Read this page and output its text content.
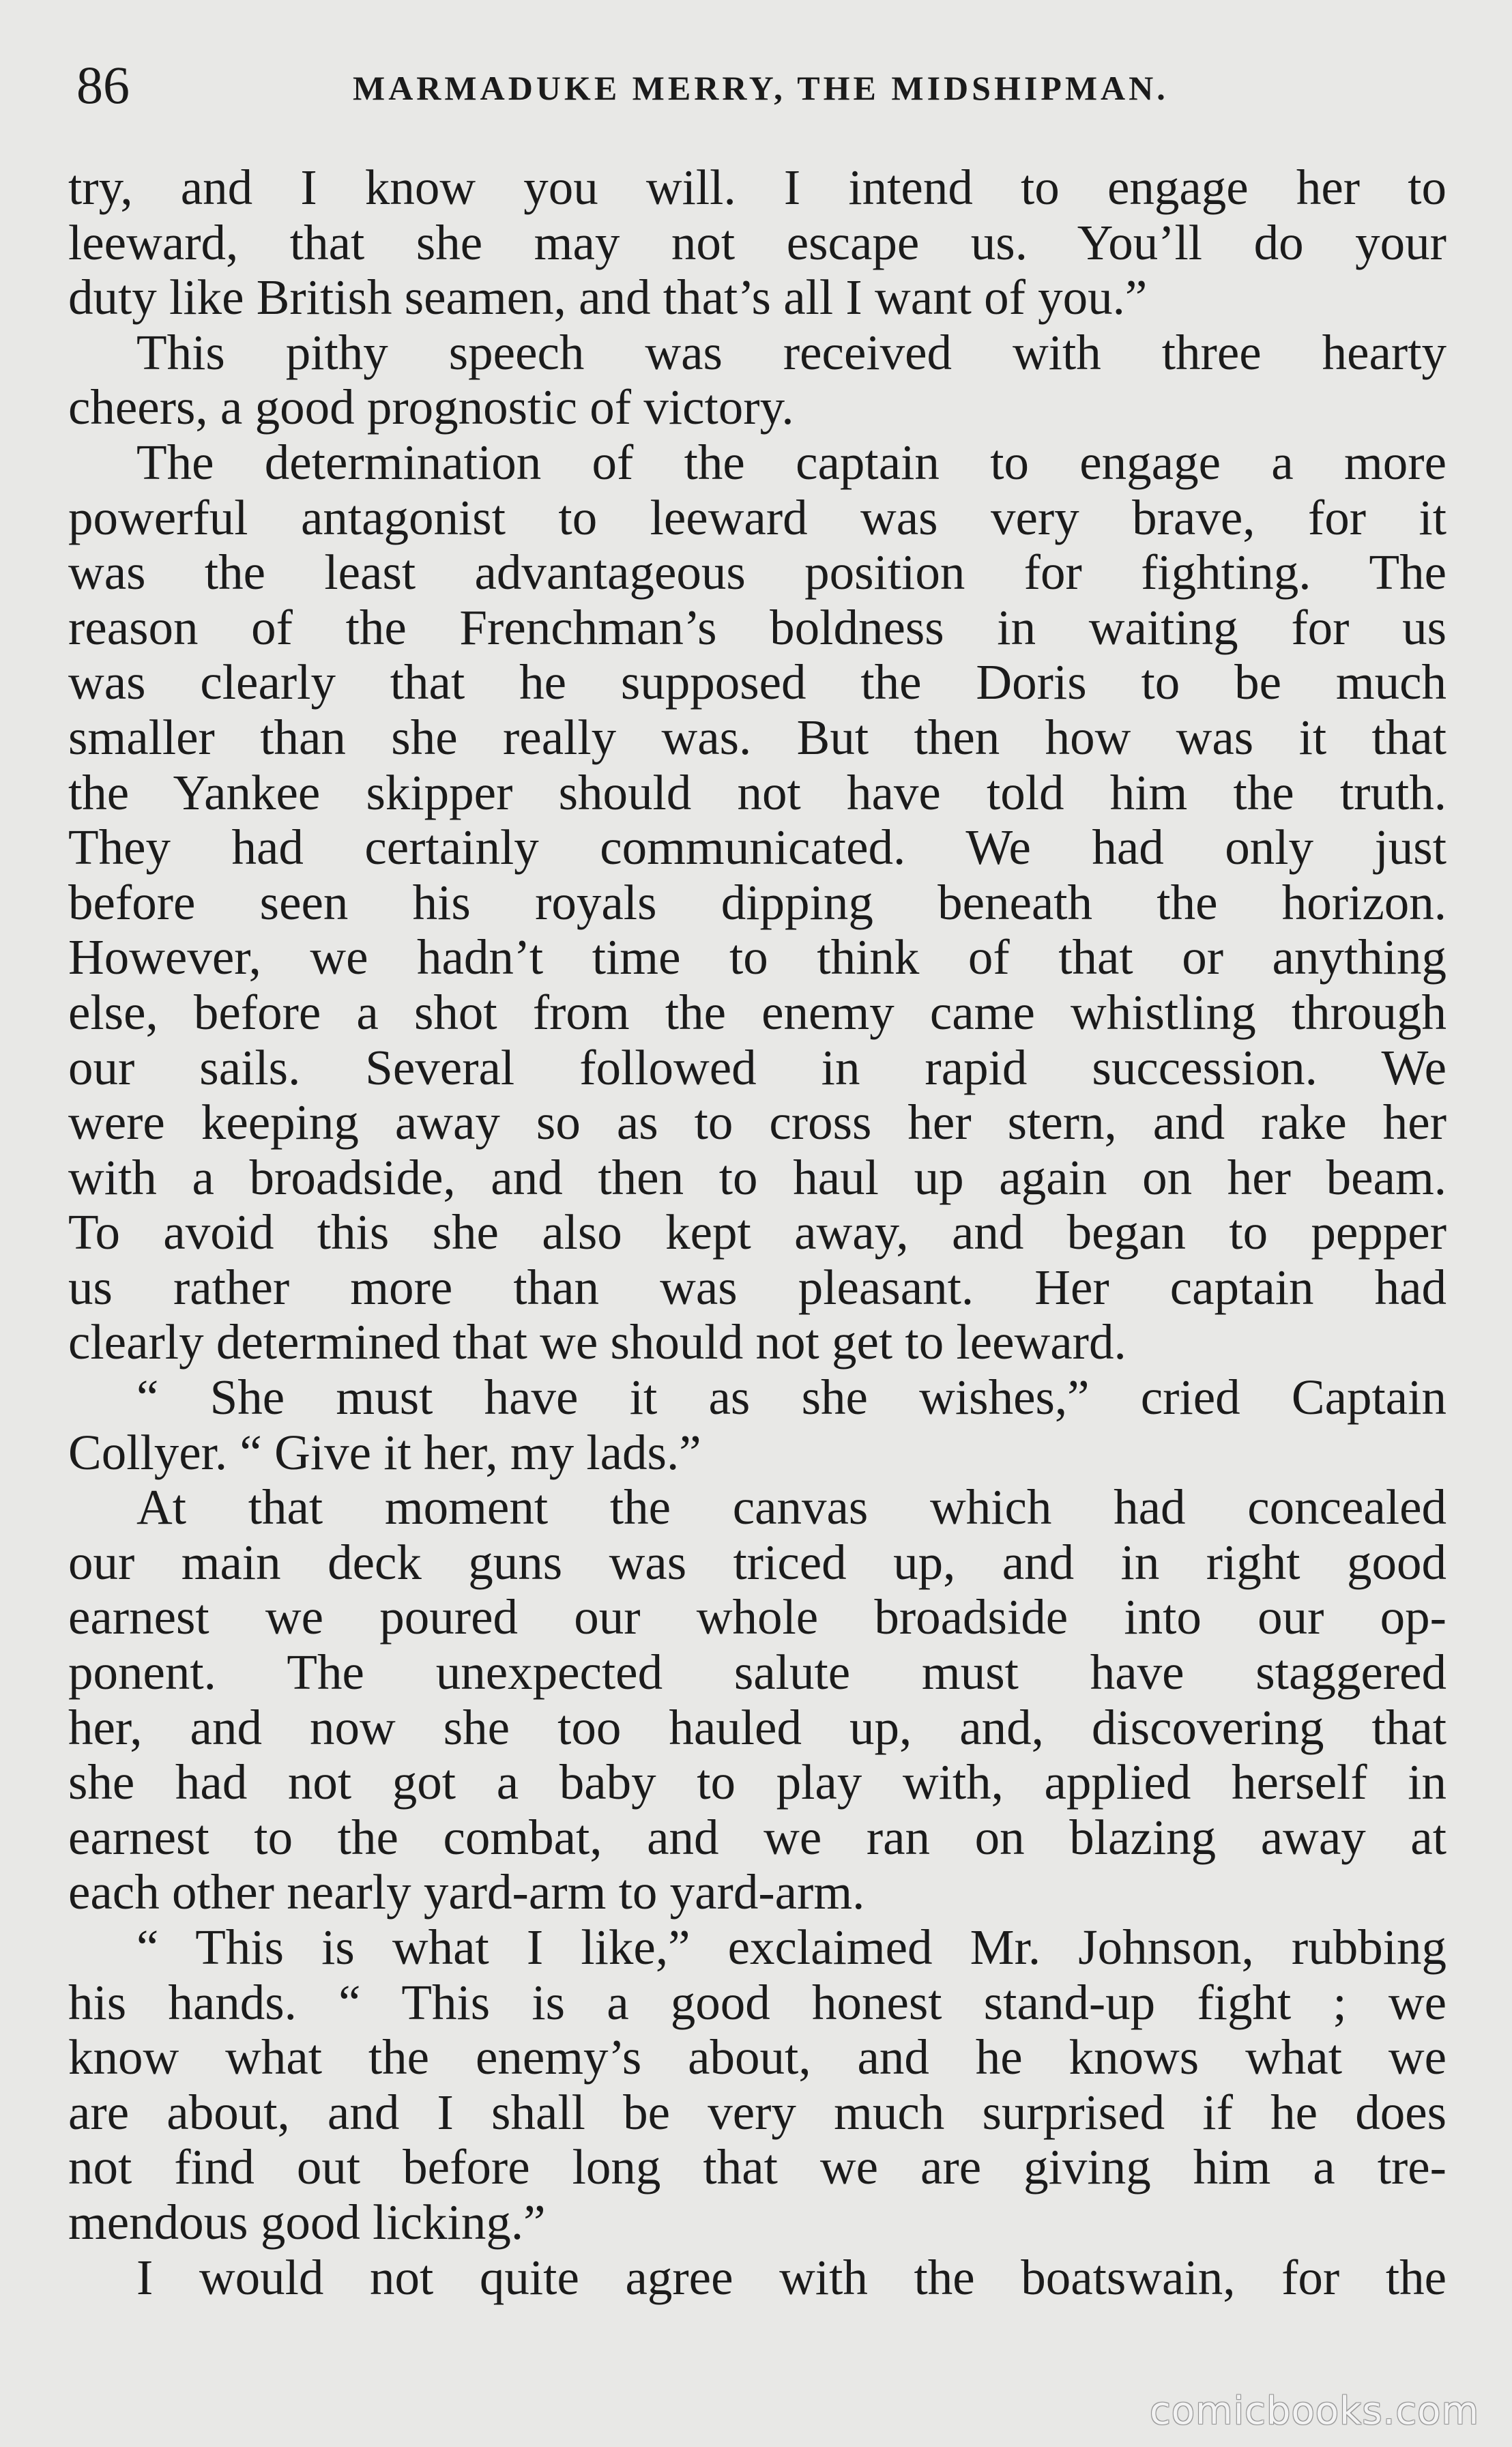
86	MARMADUKE MERRY, THE MIDSHIPMAN.
try, and I know you will. I intend to engage her to
leeward, that she may not escape us. You’ll do your
duty like British seamen, and that’s all I want of you.”
This pithy speech was received with three hearty
cheers, a good prognostic of victory.
The determination of the captain to engage a more
powerful antagonist to leeward was very brave, for it
was the least advantageous position for fighting. The
reason of the Frenchman’s boldness in waiting for us
was clearly that he supposed the Doris to be much
smaller than she really was. But then how was it that
the Yankee skipper should not have told him the truth.
They had certainly communicated. We had only just
before seen his royals dipping beneath the horizon.
However, we hadn’t time to think of that or anything
else, before a shot from the enemy came whistling through
our sails. Several followed in rapid succession. We
were keeping away so as to cross her stern, and rake her
with a broadside, and then to haul up again on her beam.
To avoid this she also kept away, and began to pepper
us rather more than was pleasant. Her captain had
clearly determined that we should not get to leeward.
“ She must have it as she wishes,” cried Captain
Collyer. “ Give it her, my lads.”
At that moment the canvas which had concealed
our main deck guns was triced up, and in right good
earnest we poured our whole broadside into our op-
ponent. The unexpected salute must have staggered
her, and now she too hauled up, and, discovering that
she had not got a baby to play with, applied herself in
earnest to the combat, and we ran on blazing away at
each other nearly yard-arm to yard-arm.
“ This is what I like,” exclaimed Mr. Johnson, rubbing
his hands. “ This is a good honest stand-up fight ; we
know what the enemy’s about, and he knows what we
are about, and I shall be very much surprised if he does
not find out before long that we are giving him a tre-
mendous good licking.”
I would not quite agree with the boatswain, for the
comicbooks.com
